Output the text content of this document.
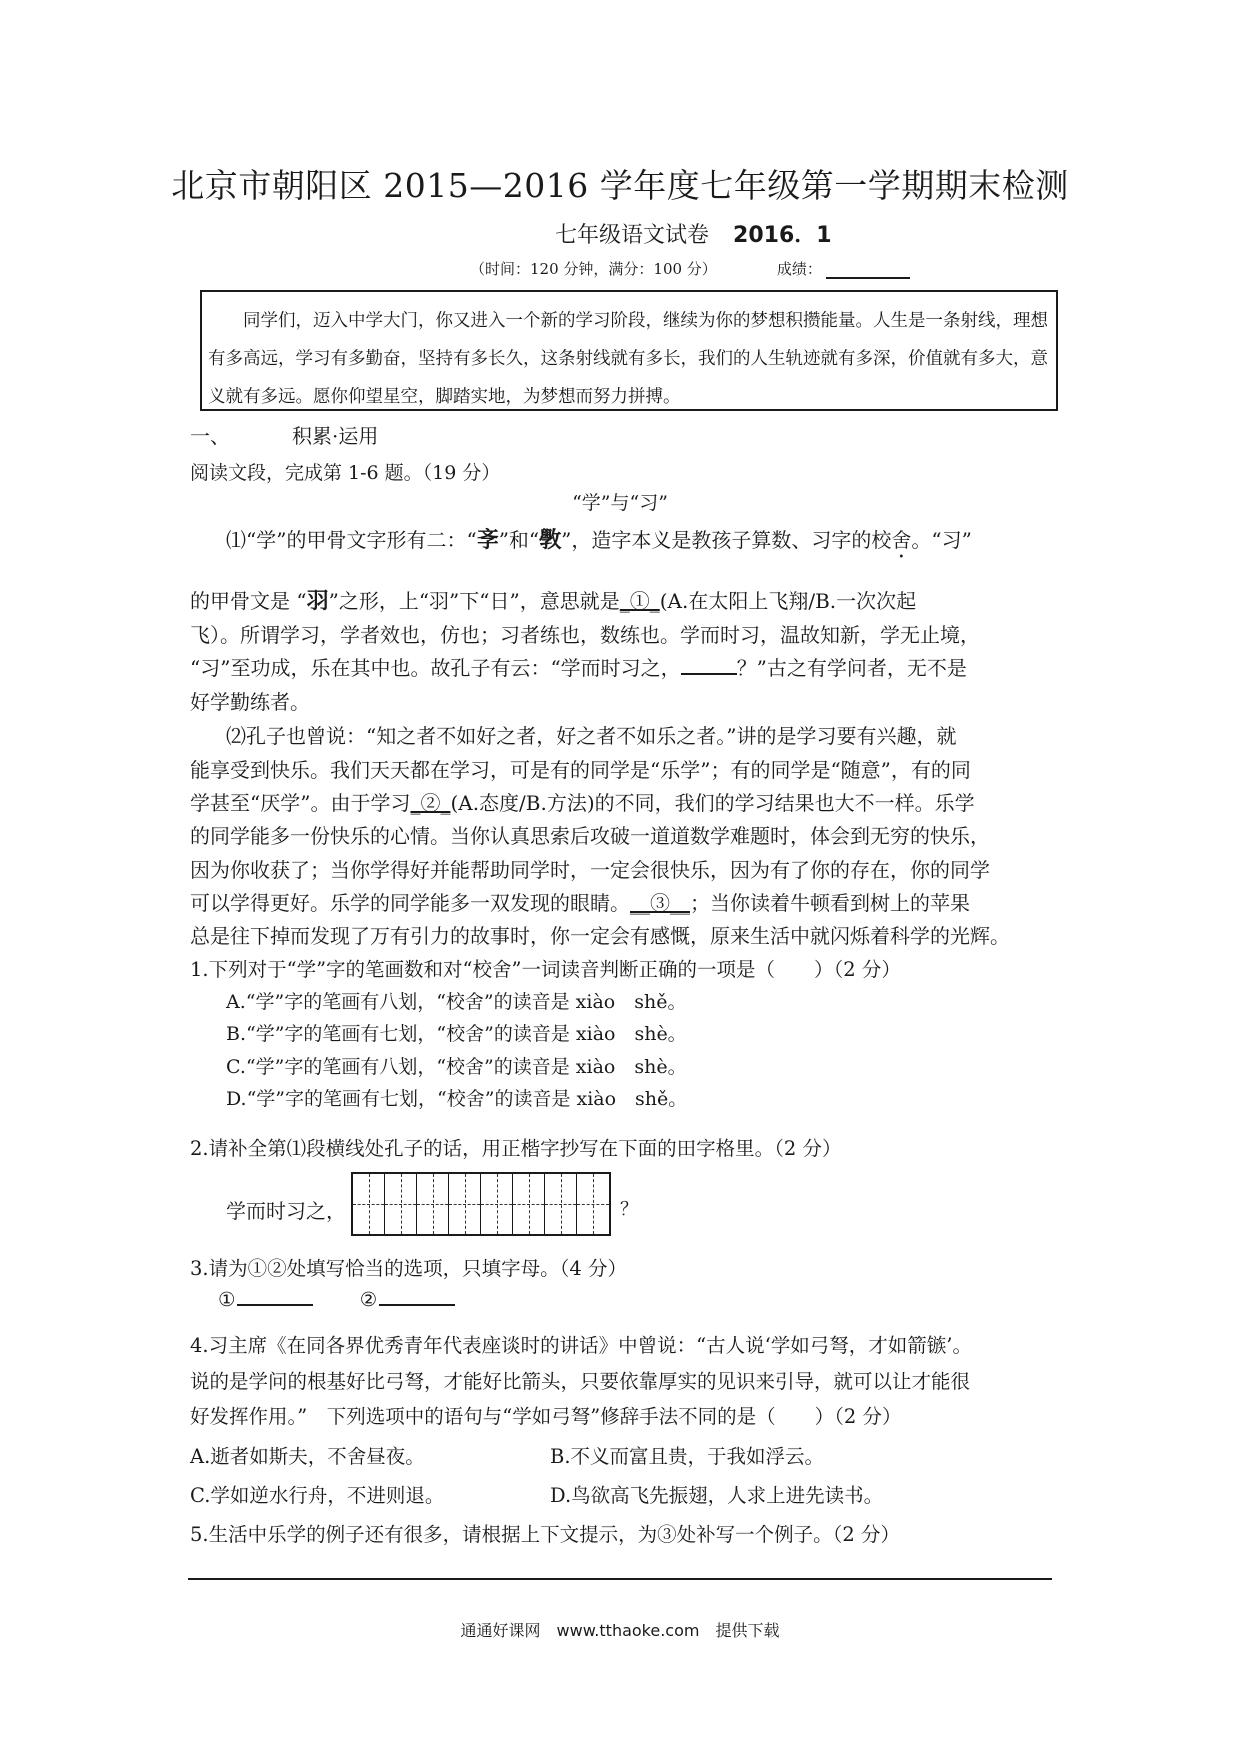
北京市朝阳区 2015—2016 学年度七年级第一学期期末检测
七年级语文试卷 2016．1
（时间：120 分钟，满分：100 分）	成绩：

同学们，迈入中学大门，你又进入一个新的学习阶段，继续为你的梦想积攒能量。人生是一条射线，理想有多高远，学习有多勤奋，坚持有多长久，这条射线就有多长，我们的人生轨迹就有多深，价值就有多大，意义就有多远。愿你仰望星空，脚踏实地，为梦想而努力拼搏。

一、	积累·运用
阅读文段，完成第 1-6 题。（19 分）
“学”与“习”
⑴“学”的甲骨文字形有二：“斈”和“斆”，造字本义是教孩子算数、习字的校舍。“习”
的甲骨文是 “羽”之形，上“羽”下“日”，意思就是_①_(A.在太阳上飞翔/B.一次次起
飞）。所谓学习，学者效也，仿也；习者练也，数练也。学而时习，温故知新，学无止境，
“习”至功成，乐在其中也。故孔子有云：“学而时习之，	？”古之有学问者，无不是
好学勤练者。
⑵孔子也曾说：“知之者不如好之者，好之者不如乐之者。”讲的是学习要有兴趣，就
能享受到快乐。我们天天都在学习，可是有的同学是“乐学”；有的同学是“随意”，有的同
学甚至“厌学”。由于学习_②_(A.态度/B.方法)的不同，我们的学习结果也大不一样。乐学
的同学能多一份快乐的心情。当你认真思索后攻破一道道数学难题时，体会到无穷的快乐，
因为你收获了；当你学得好并能帮助同学时，一定会很快乐，因为有了你的存在，你的同学
可以学得更好。乐学的同学能多一双发现的眼睛。__③__；当你读着牛顿看到树上的苹果
总是往下掉而发现了万有引力的故事时，你一定会有感慨，原来生活中就闪烁着科学的光辉。
1.下列对于“学”字的笔画数和对“校舍”一词读音判断正确的一项是（　　）（2 分）
A.“学”字的笔画有八划，“校舍”的读音是 xiào　shě。
B.“学”字的笔画有七划，“校舍”的读音是 xiào　shè。
C.“学”字的笔画有八划，“校舍”的读音是 xiào　shè。
D.“学”字的笔画有七划，“校舍”的读音是 xiào　shě。
2.请补全第⑴段横线处孔子的话，用正楷字抄写在下面的田字格里。（2 分）
学而时习之，	？
3.请为①②处填写恰当的选项，只填字母。（4 分）
①	②
4.习主席《在同各界优秀青年代表座谈时的讲话》中曾说：“古人说‘学如弓弩，才如箭镞’。
说的是学问的根基好比弓弩，才能好比箭头，只要依靠厚实的见识来引导，就可以让才能很
好发挥作用。”　下列选项中的语句与“学如弓弩”修辞手法不同的是（　　）（2 分）
A.逝者如斯夫，不舍昼夜。	B.不义而富且贵，于我如浮云。
C.学如逆水行舟，不进则退。	D.鸟欲高飞先振翅，人求上进先读书。
5.生活中乐学的例子还有很多，请根据上下文提示，为③处补写一个例子。（2 分）
通通好课网　www.tthaoke.com　提供下载
